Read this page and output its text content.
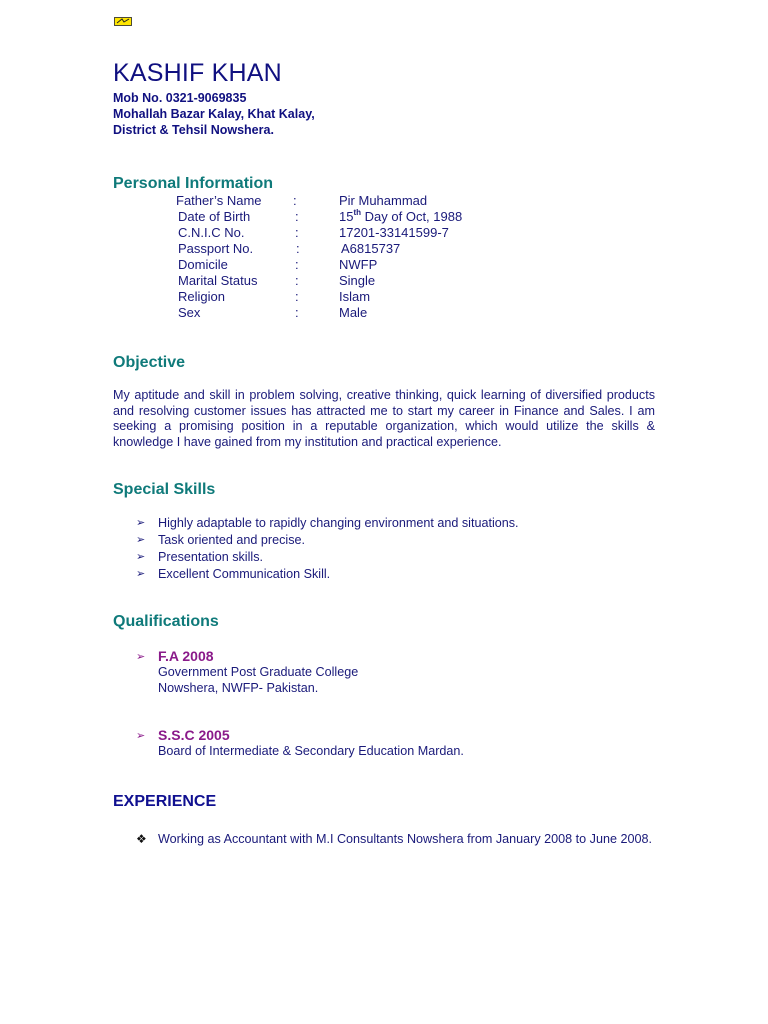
KASHIF KHAN
Mob No. 0321-9069835
Mohallah Bazar Kalay, Khat Kalay,
District & Tehsil Nowshera.
Personal Information
Father’s Name :	Pir Muhammad
Date of Birth	:	15th Day of Oct, 1988
C.N.I.C No.	:	17201-33141599-7
Passport No.	:	A6815737
Domicile	:	NWFP
Marital Status	:	Single
Religion	:	Islam
Sex	:	Male
Objective
My aptitude and skill in problem solving, creative thinking, quick learning of diversified products and resolving customer issues has attracted me to start my career in Finance and Sales. I am seeking a promising position in a reputable organization, which would utilize the skills & knowledge I have gained from my institution and practical experience.
Special Skills
➢ Highly adaptable to rapidly changing environment and situations.
➢ Task oriented and precise.
➢ Presentation skills.
➢ Excellent Communication Skill.
Qualifications
➢ F.A 2008
Government Post Graduate College
Nowshera, NWFP- Pakistan.
➢ S.S.C 2005
Board of Intermediate & Secondary Education Mardan.
EXPERIENCE
❖ Working as Accountant with M.I Consultants Nowshera from January 2008 to June 2008.
